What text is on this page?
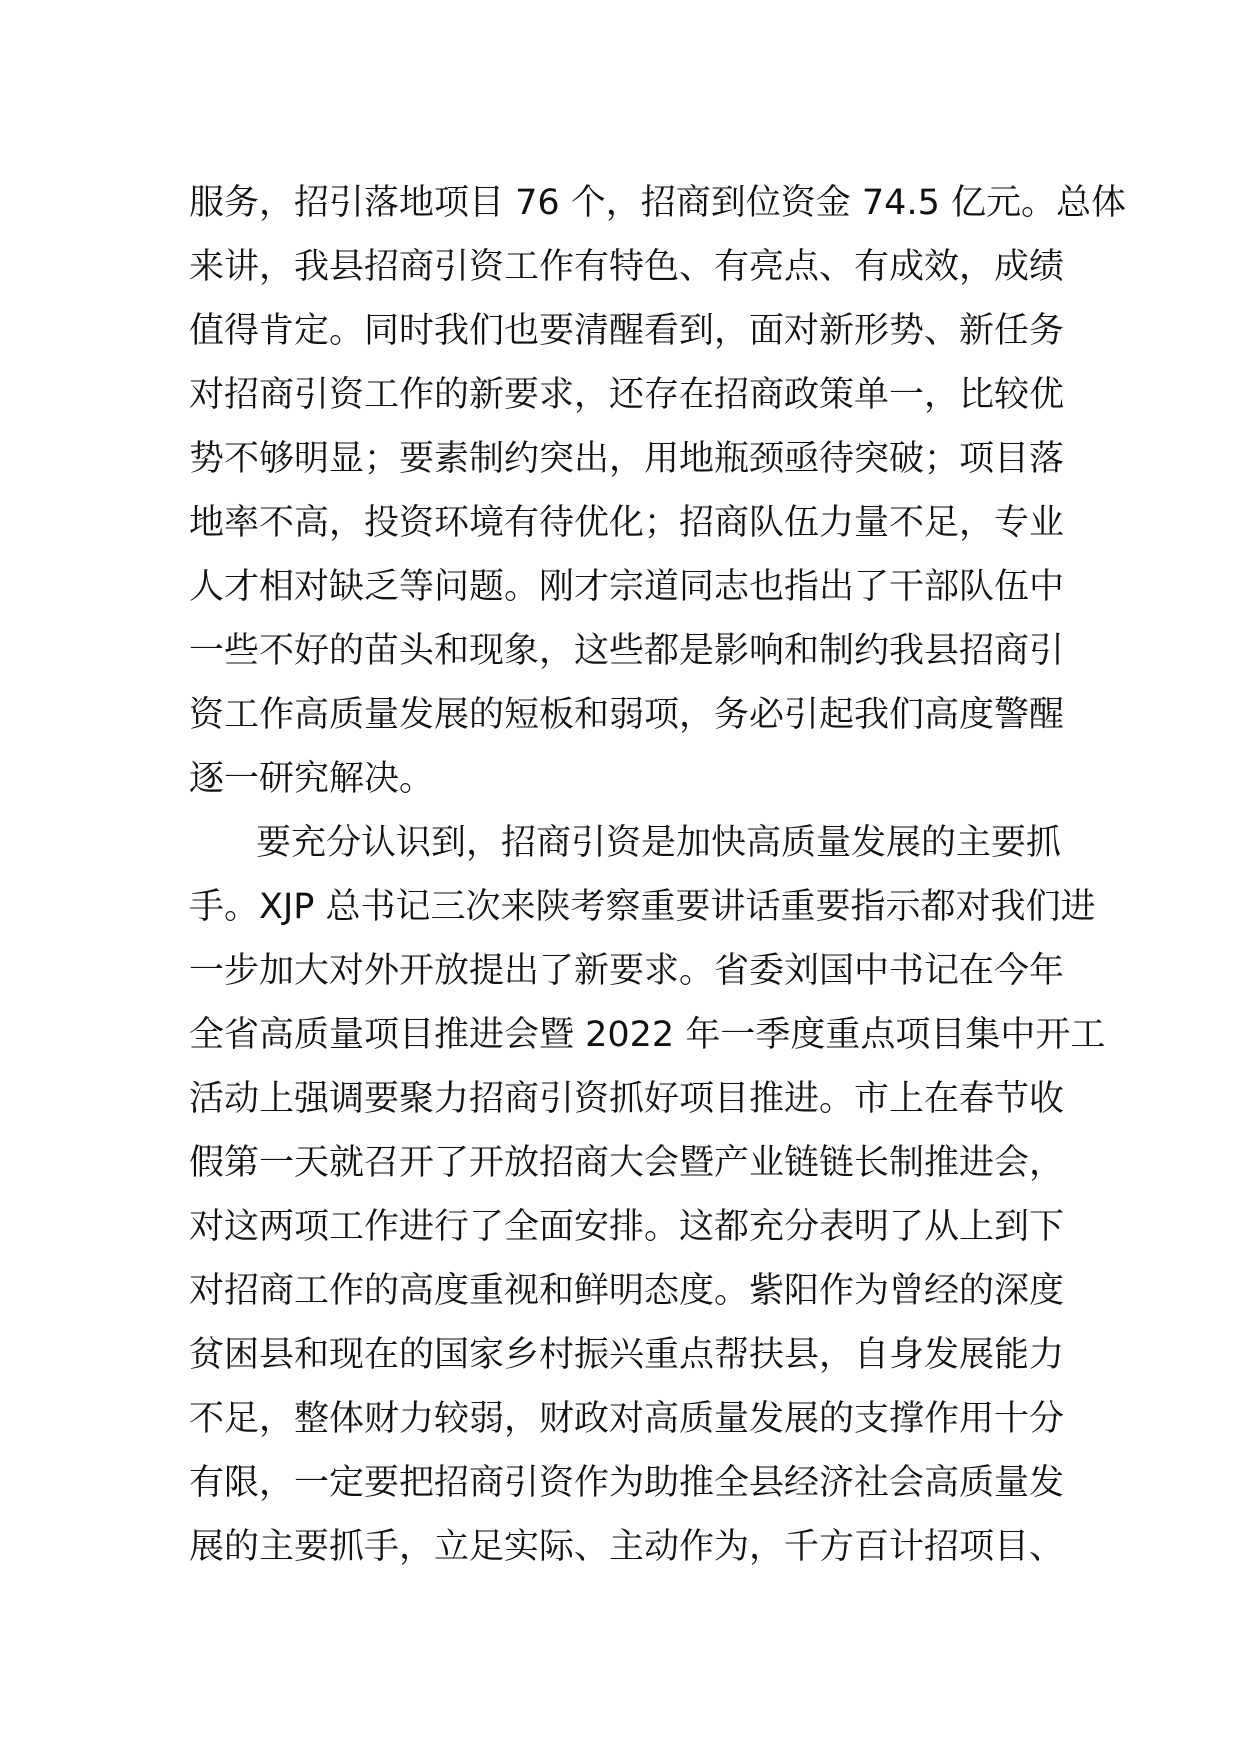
服务，招引落地项目 76 个，招商到位资金 74.5 亿元。总体
来讲，我县招商引资工作有特色、有亮点、有成效，成绩
值得肯定。同时我们也要清醒看到，面对新形势、新任务
对招商引资工作的新要求，还存在招商政策单一，比较优
势不够明显；要素制约突出，用地瓶颈亟待突破；项目落
地率不高，投资环境有待优化；招商队伍力量不足，专业
人才相对缺乏等问题。刚才宗道同志也指出了干部队伍中
一些不好的苗头和现象，这些都是影响和制约我县招商引
资工作高质量发展的短板和弱项，务必引起我们高度警醒
逐一研究解决。
要充分认识到，招商引资是加快高质量发展的主要抓
手。XJP 总书记三次来陕考察重要讲话重要指示都对我们进
一步加大对外开放提出了新要求。省委刘国中书记在今年
全省高质量项目推进会暨 2022 年一季度重点项目集中开工
活动上强调要聚力招商引资抓好项目推进。市上在春节收
假第一天就召开了开放招商大会暨产业链链长制推进会，
对这两项工作进行了全面安排。这都充分表明了从上到下
对招商工作的高度重视和鲜明态度。紫阳作为曾经的深度
贫困县和现在的国家乡村振兴重点帮扶县，自身发展能力
不足，整体财力较弱，财政对高质量发展的支撑作用十分
有限，一定要把招商引资作为助推全县经济社会高质量发
展的主要抓手，立足实际、主动作为，千方百计招项目、
